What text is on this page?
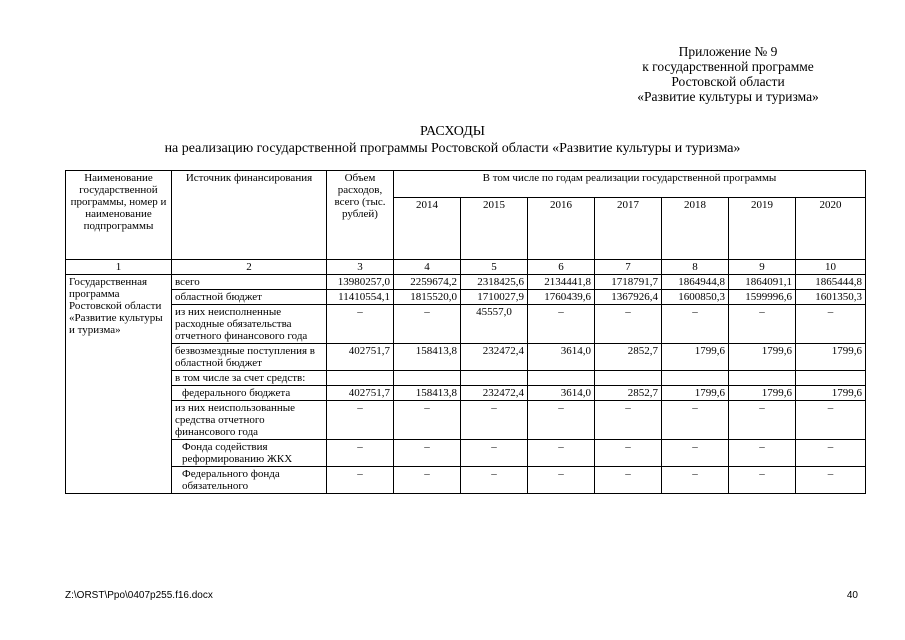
Приложение № 9
к государственной программе
Ростовской области
«Развитие культуры и туризма»
РАСХОДЫ
на реализацию государственной программы Ростовской области «Развитие культуры и туризма»
Наименование государственной программы, номер и наименование подпрограммы	Источник финансирования	Объем расходов, всего (тыс. рублей)	В том числе по годам реализации государственной программы						
			2014	2015	2016	2017	2018	2019	2020
1	2	3	4	5	6	7	8	9	10
Государственная программа Ростовской области «Развитие культуры и туризма»	всего	13980257,0	2259674,2	2318425,6	2134441,8	1718791,7	1864944,8	1864091,1	1865444,8
	областной бюджет	11410554,1	1815520,0	1710027,9	1760439,6	1367926,4	1600850,3	1599996,6	1601350,3
	из них неисполненные расходные обязательства отчетного финансового года	–	–	45557,0	–	–	–	–	–
	безвозмездные поступления в областной бюджет	402751,7	158413,8	232472,4	3614,0	2852,7	1799,6	1799,6	1799,6
	в том числе за счет средств:								
	федерального бюджета	402751,7	158413,8	232472,4	3614,0	2852,7	1799,6	1799,6	1799,6
	из них неиспользованные средства отчетного финансового года	–	–	–	–	–	–	–	–
	Фонда содействия реформированию ЖКХ	–	–	–	–	–	–	–	–
	Федерального фонда обязательного	–	–	–	–	–	–	–	–
Z:\ORST\Ppo\0407p255.f16.docx	40
